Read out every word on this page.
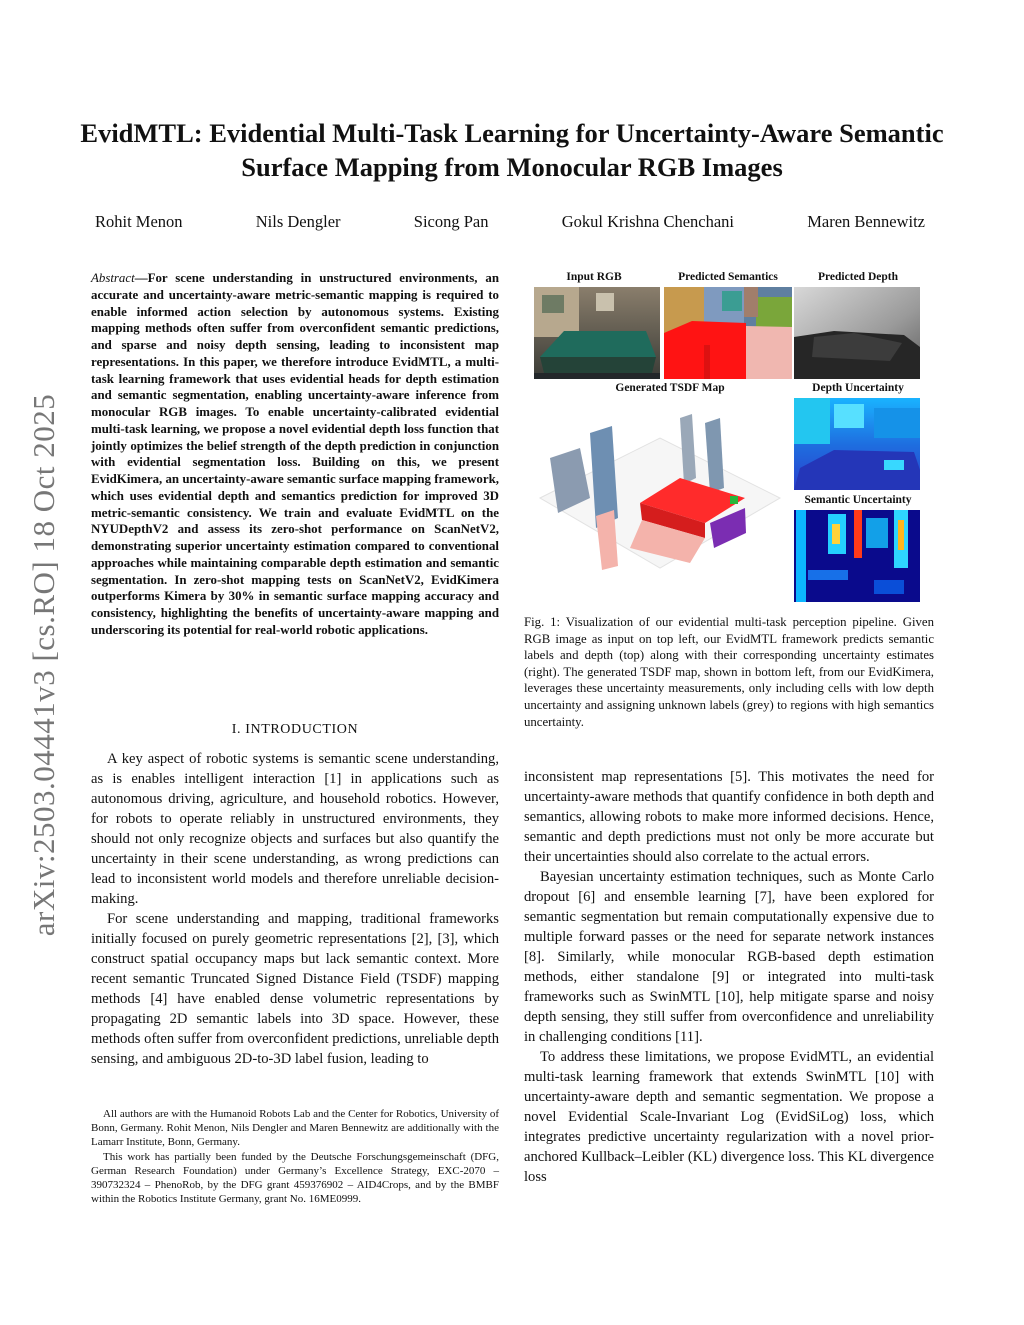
arXiv:2503.04441v3 [cs.RO] 18 Oct 2025
EvidMTL: Evidential Multi-Task Learning for Uncertainty-Aware Semantic Surface Mapping from Monocular RGB Images
Rohit Menon	Nils Dengler	Sicong Pan	Gokul Krishna Chenchani	Maren Bennewitz
Abstract—For scene understanding in unstructured environments, an accurate and uncertainty-aware metric-semantic mapping is required to enable informed action selection by autonomous systems. Existing mapping methods often suffer from overconfident semantic predictions, and sparse and noisy depth sensing, leading to inconsistent map representations. In this paper, we therefore introduce EvidMTL, a multi-task learning framework that uses evidential heads for depth estimation and semantic segmentation, enabling uncertainty-aware inference from monocular RGB images. To enable uncertainty-calibrated evidential multi-task learning, we propose a novel evidential depth loss function that jointly optimizes the belief strength of the depth prediction in conjunction with evidential segmentation loss. Building on this, we present EvidKimera, an uncertainty-aware semantic surface mapping framework, which uses evidential depth and semantics prediction for improved 3D metric-semantic consistency. We train and evaluate EvidMTL on the NYUDepthV2 and assess its zero-shot performance on ScanNetV2, demonstrating superior uncertainty estimation compared to conventional approaches while maintaining comparable depth estimation and semantic segmentation. In zero-shot mapping tests on ScanNetV2, EvidKimera outperforms Kimera by 30% in semantic surface mapping accuracy and consistency, highlighting the benefits of uncertainty-aware mapping and underscoring its potential for real-world robotic applications.
I. INTRODUCTION

A key aspect of robotic systems is semantic scene understanding, as is enables intelligent interaction [1] in applications such as autonomous driving, agriculture, and household robotics. However, for robots to operate reliably in unstructured environments, they should not only recognize objects and surfaces but also quantify the uncertainty in their scene understanding, as wrong predictions can lead to inconsistent world models and therefore unreliable decision-making.

For scene understanding and mapping, traditional frameworks initially focused on purely geometric representations [2], [3], which construct spatial occupancy maps but lack semantic context. More recent semantic Truncated Signed Distance Field (TSDF) mapping methods [4] have enabled dense volumetric representations by propagating 2D semantic labels into 3D space. However, these methods often suffer from overconfident predictions, unreliable depth sensing, and ambiguous 2D-to-3D label fusion, leading to

All authors are with the Humanoid Robots Lab and the Center for Robotics, University of Bonn, Germany. Rohit Menon, Nils Dengler and Maren Bennewitz are additionally with the Lamarr Institute, Bonn, Germany.

This work has partially been funded by the Deutsche Forschungsgemeinschaft (DFG, German Research Foundation) under Germany’s Excellence Strategy, EXC-2070 – 390732324 – PhenoRob, by the DFG grant 459376902 – AID4Crops, and by the BMBF within the Robotics Institute Germany, grant No. 16ME0999.

Input RGB	Predicted Semantics	Predicted Depth
Generated TSDF Map	Depth Uncertainty
Semantic Uncertainty
Fig. 1: Visualization of our evidential multi-task perception pipeline. Given RGB image as input on top left, our EvidMTL framework predicts semantic labels and depth (top) along with their corresponding uncertainty estimates (right). The generated TSDF map, shown in bottom left, from our EvidKimera, leverages these uncertainty measurements, only including cells with low depth uncertainty and assigning unknown labels (grey) to regions with high semantics uncertainty.

inconsistent map representations [5]. This motivates the need for uncertainty-aware methods that quantify confidence in both depth and semantics, allowing robots to make more informed decisions. Hence, semantic and depth predictions must not only be more accurate but their uncertainties should also correlate to the actual errors.

Bayesian uncertainty estimation techniques, such as Monte Carlo dropout [6] and ensemble learning [7], have been explored for semantic segmentation but remain computationally expensive due to multiple forward passes or the need for separate network instances [8]. Similarly, while monocular RGB-based depth estimation methods, either standalone [9] or integrated into multi-task frameworks such as SwinMTL [10], help mitigate sparse and noisy depth sensing, they still suffer from overconfidence and unreliability in challenging conditions [11].

To address these limitations, we propose EvidMTL, an evidential multi-task learning framework that extends SwinMTL [10] with uncertainty-aware depth and semantic segmentation. We propose a novel Evidential Scale-Invariant Log (EvidSiLog) loss, which integrates predictive uncertainty regularization with a novel prior-anchored Kullback–Leibler (KL) divergence loss. This KL divergence loss
